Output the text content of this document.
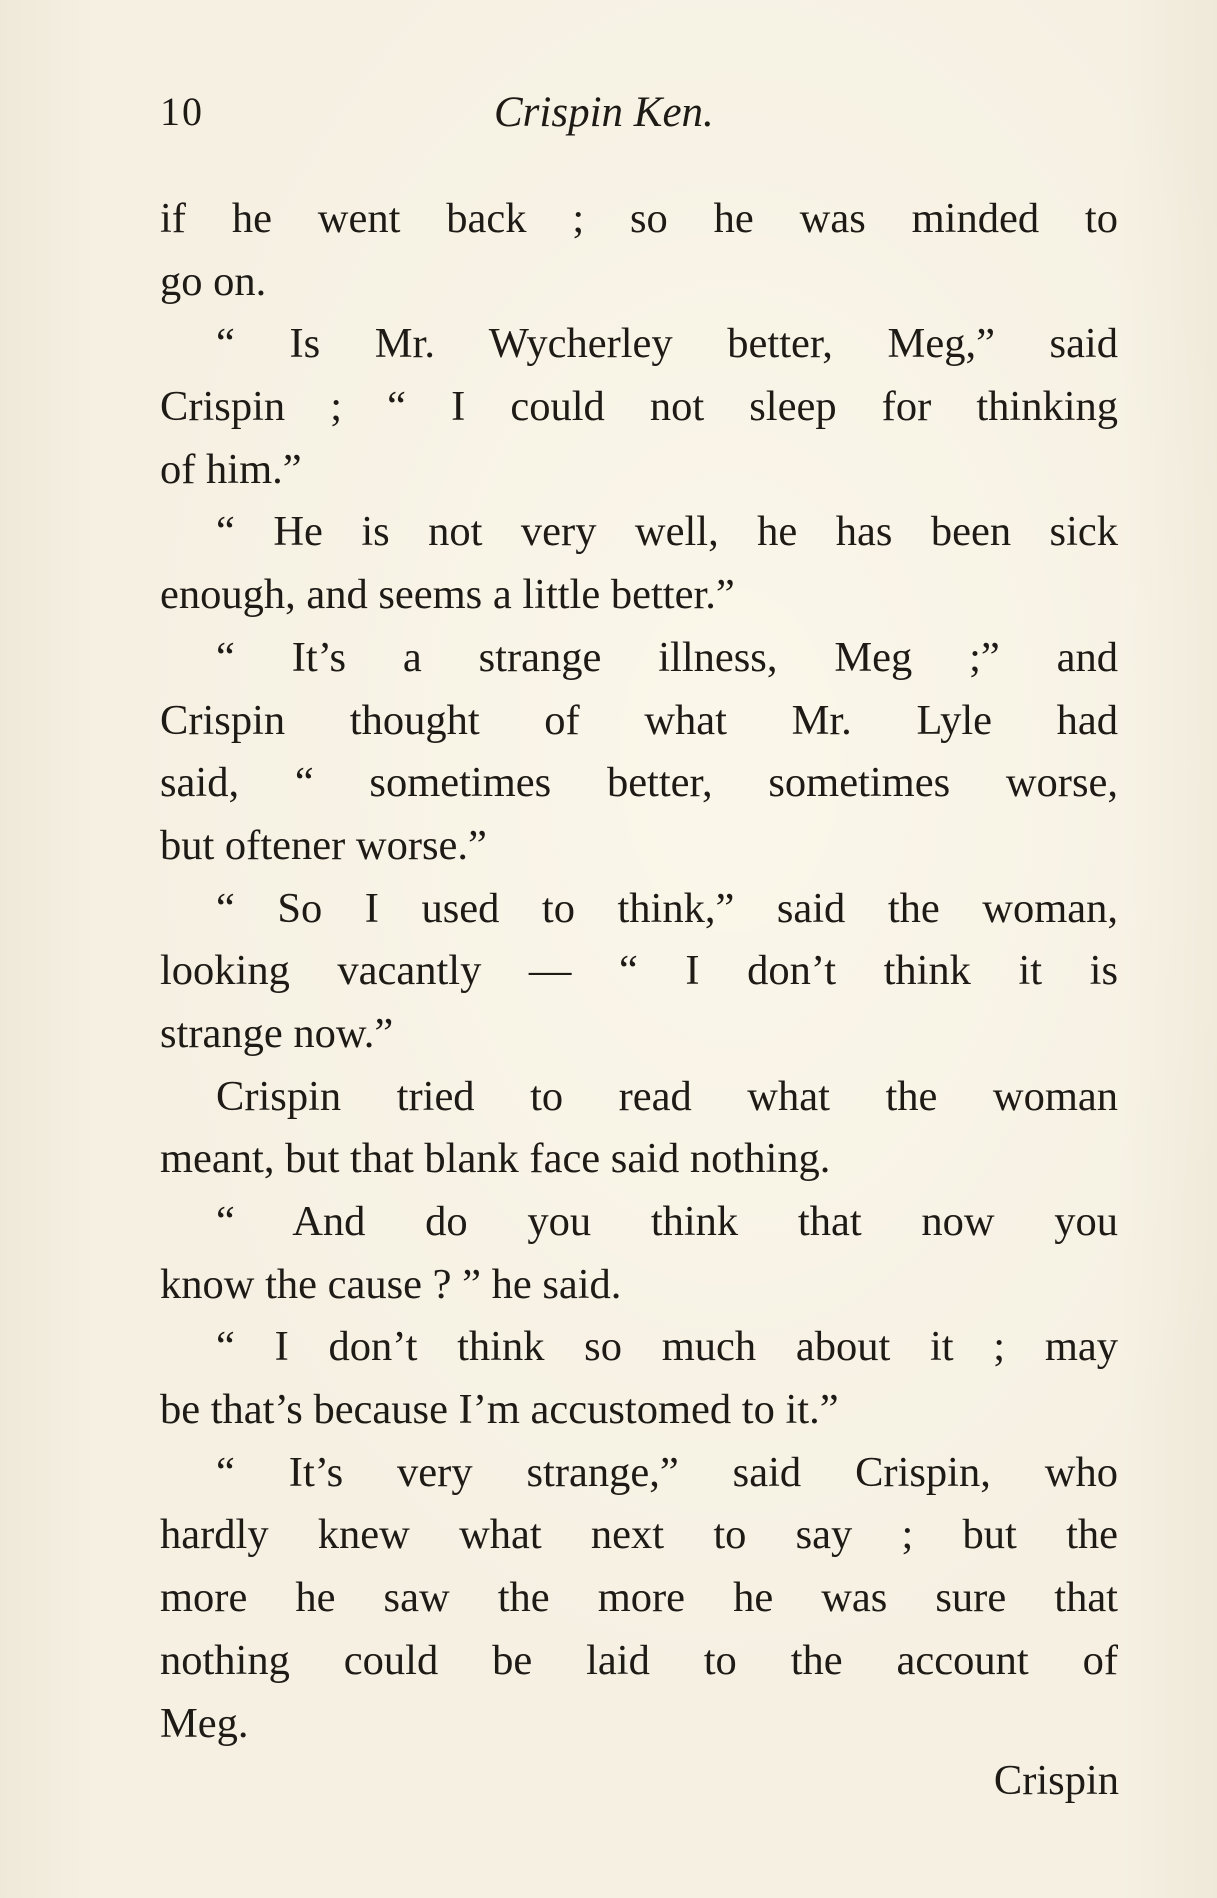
10	Crispin Ken.
if he went back ; so he was minded to
go on.
“ Is Mr. Wycherley better, Meg,” said
Crispin ; “ I could not sleep for thinking
of him.”
“ He is not very well, he has been sick
enough, and seems a little better.”
“ It’s a strange illness, Meg ;” and
Crispin thought of what Mr. Lyle had
said, “ sometimes better, sometimes worse,
but oftener worse.”
“ So I used to think,” said the woman,
looking vacantly — “ I don’t think it is
strange now.”
Crispin tried to read what the woman
meant, but that blank face said nothing.
“ And do you think that now you
know the cause ? ” he said.
“ I don’t think so much about it ; may
be that’s because I’m accustomed to it.”
“ It’s very strange,” said Crispin, who
hardly knew what next to say ; but the
more he saw the more he was sure that
nothing could be laid to the account of
Meg.
Crispin
